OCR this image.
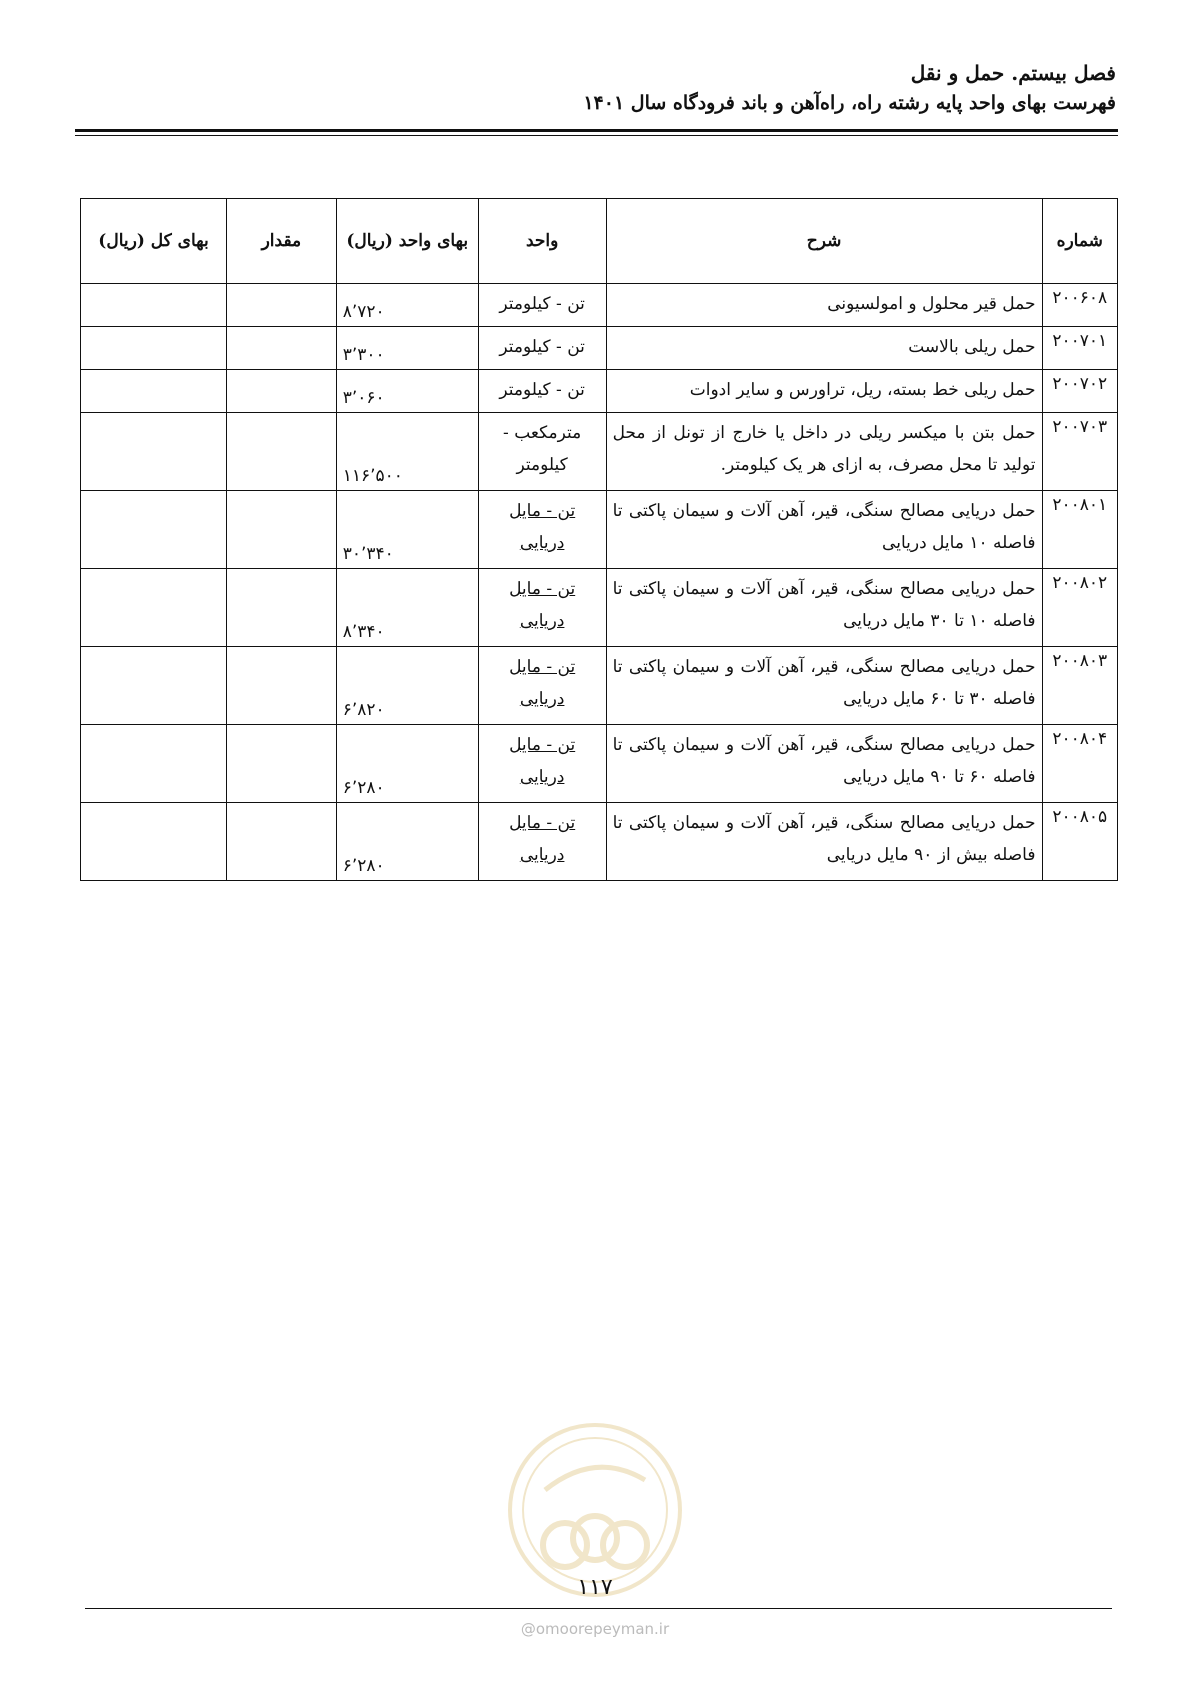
فصل بیستم. حمل و نقل
فهرست بهای واحد پایه رشته راه، راه‌آهن و باند فرودگاه سال ۱۴۰۱
شماره	شرح	واحد	بهای واحد (ریال)	مقدار	بهای کل (ریال)
۲۰۰۶۰۸	حمل قیر محلول و امولسیونی	تن - کیلومتر	۸٬۷۲۰		
۲۰۰۷۰۱	حمل ریلی بالاست	تن - کیلومتر	۳٬۳۰۰		
۲۰۰۷۰۲	حمل ریلی خط بسته، ریل، تراورس و سایر ادوات	تن - کیلومتر	۳٬۰۶۰		
۲۰۰۷۰۳	حمل بتن با میکسر ریلی در داخل یا خارج از تونل از محل تولید تا محل مصرف، به ازای هر یک کیلومتر.	مترمکعب - کیلومتر	۱۱۶٬۵۰۰		
۲۰۰۸۰۱	حمل دریایی مصالح سنگی، قیر، آهن آلات و سیمان پاکتی تا فاصله ۱۰ مایل دریایی	تن - مایل دریایی	۳۰٬۳۴۰		
۲۰۰۸۰۲	حمل دریایی مصالح سنگی، قیر، آهن آلات و سیمان پاکتی تا فاصله ۱۰ تا ۳۰ مایل دریایی	تن - مایل دریایی	۸٬۳۴۰		
۲۰۰۸۰۳	حمل دریایی مصالح سنگی، قیر، آهن آلات و سیمان پاکتی تا فاصله ۳۰ تا ۶۰ مایل دریایی	تن - مایل دریایی	۶٬۸۲۰		
۲۰۰۸۰۴	حمل دریایی مصالح سنگی، قیر، آهن آلات و سیمان پاکتی تا فاصله ۶۰ تا ۹۰ مایل دریایی	تن - مایل دریایی	۶٬۲۸۰		
۲۰۰۸۰۵	حمل دریایی مصالح سنگی، قیر، آهن آلات و سیمان پاکتی تا فاصله بیش از ۹۰ مایل دریایی	تن - مایل دریایی	۶٬۲۸۰		
۱۱۷
@omoorepeyman.ir
